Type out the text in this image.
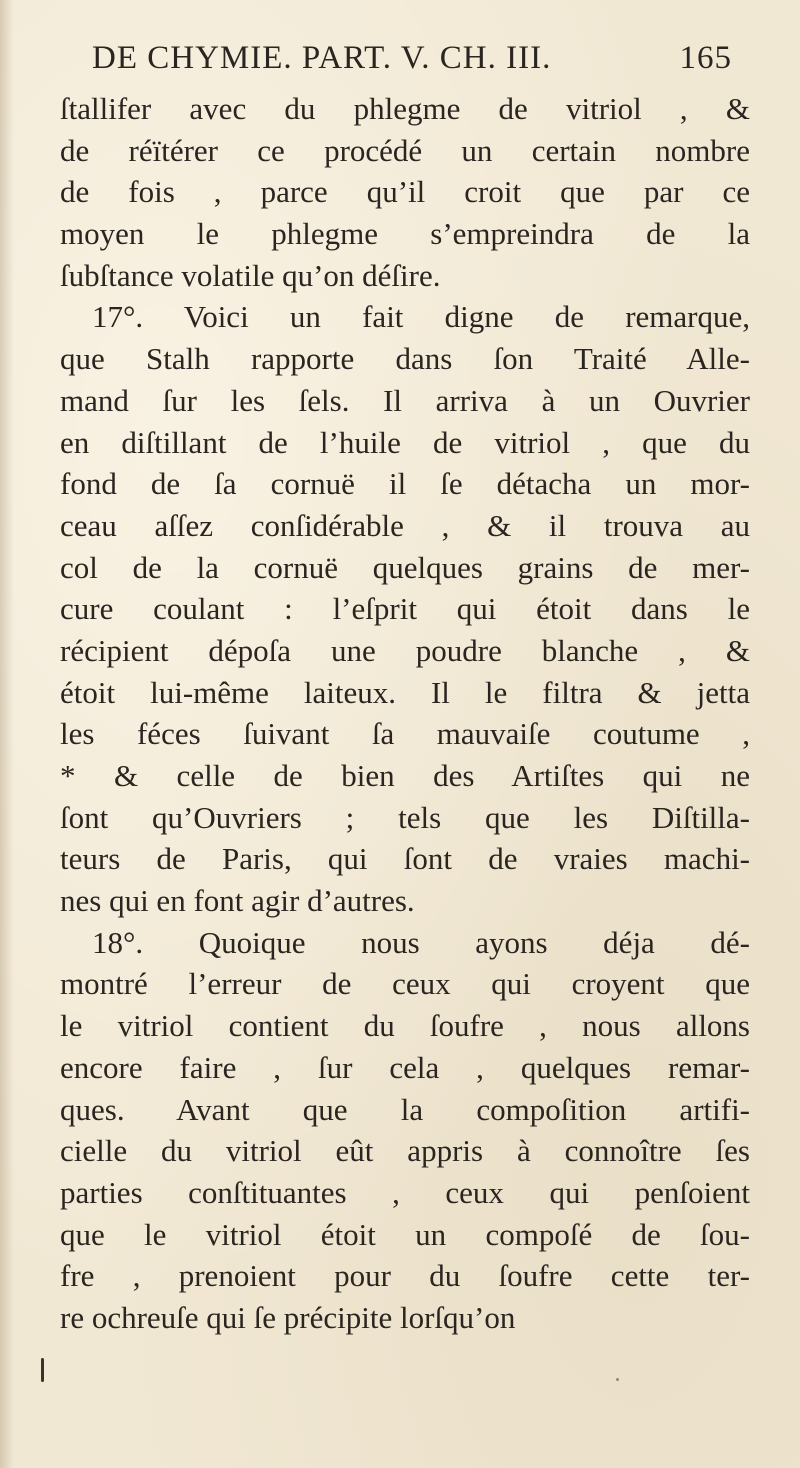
DE CHYMIE. PART. V. CH. III.	165
ſtallifer avec du phlegme de vitriol , &
de réïtérer ce procédé un certain nombre
de fois , parce qu’il croit que par ce
moyen le phlegme s’empreindra de la
ſubſtance volatile qu’on déſire.
17°. Voici un fait digne de remarque,
que Stalh rapporte dans ſon Traité Alle-
mand ſur les ſels. Il arriva à un Ouvrier
en diſtillant de l’huile de vitriol , que du
fond de ſa cornuë il ſe détacha un mor-
ceau aſſez conſidérable , & il trouva au
col de la cornuë quelques grains de mer-
cure coulant : l’eſprit qui étoit dans le
récipient dépoſa une poudre blanche , &
étoit lui-même laiteux. Il le filtra & jetta
les féces ſuivant ſa mauvaiſe coutume ,
* & celle de bien des Artiſtes qui ne
ſont qu’Ouvriers ; tels que les Diſtilla-
teurs de Paris, qui ſont de vraies machi-
nes qui en font agir d’autres.
18°. Quoique nous ayons déja dé-
montré l’erreur de ceux qui croyent que
le vitriol contient du ſoufre , nous allons
encore faire , ſur cela , quelques remar-
ques. Avant que la compoſition artifi-
cielle du vitriol eût appris à connoître ſes
parties conſtituantes , ceux qui penſoient
que le vitriol étoit un compoſé de ſou-
fre , prenoient pour du ſoufre cette ter-
re ochreuſe qui ſe précipite lorſqu’on
